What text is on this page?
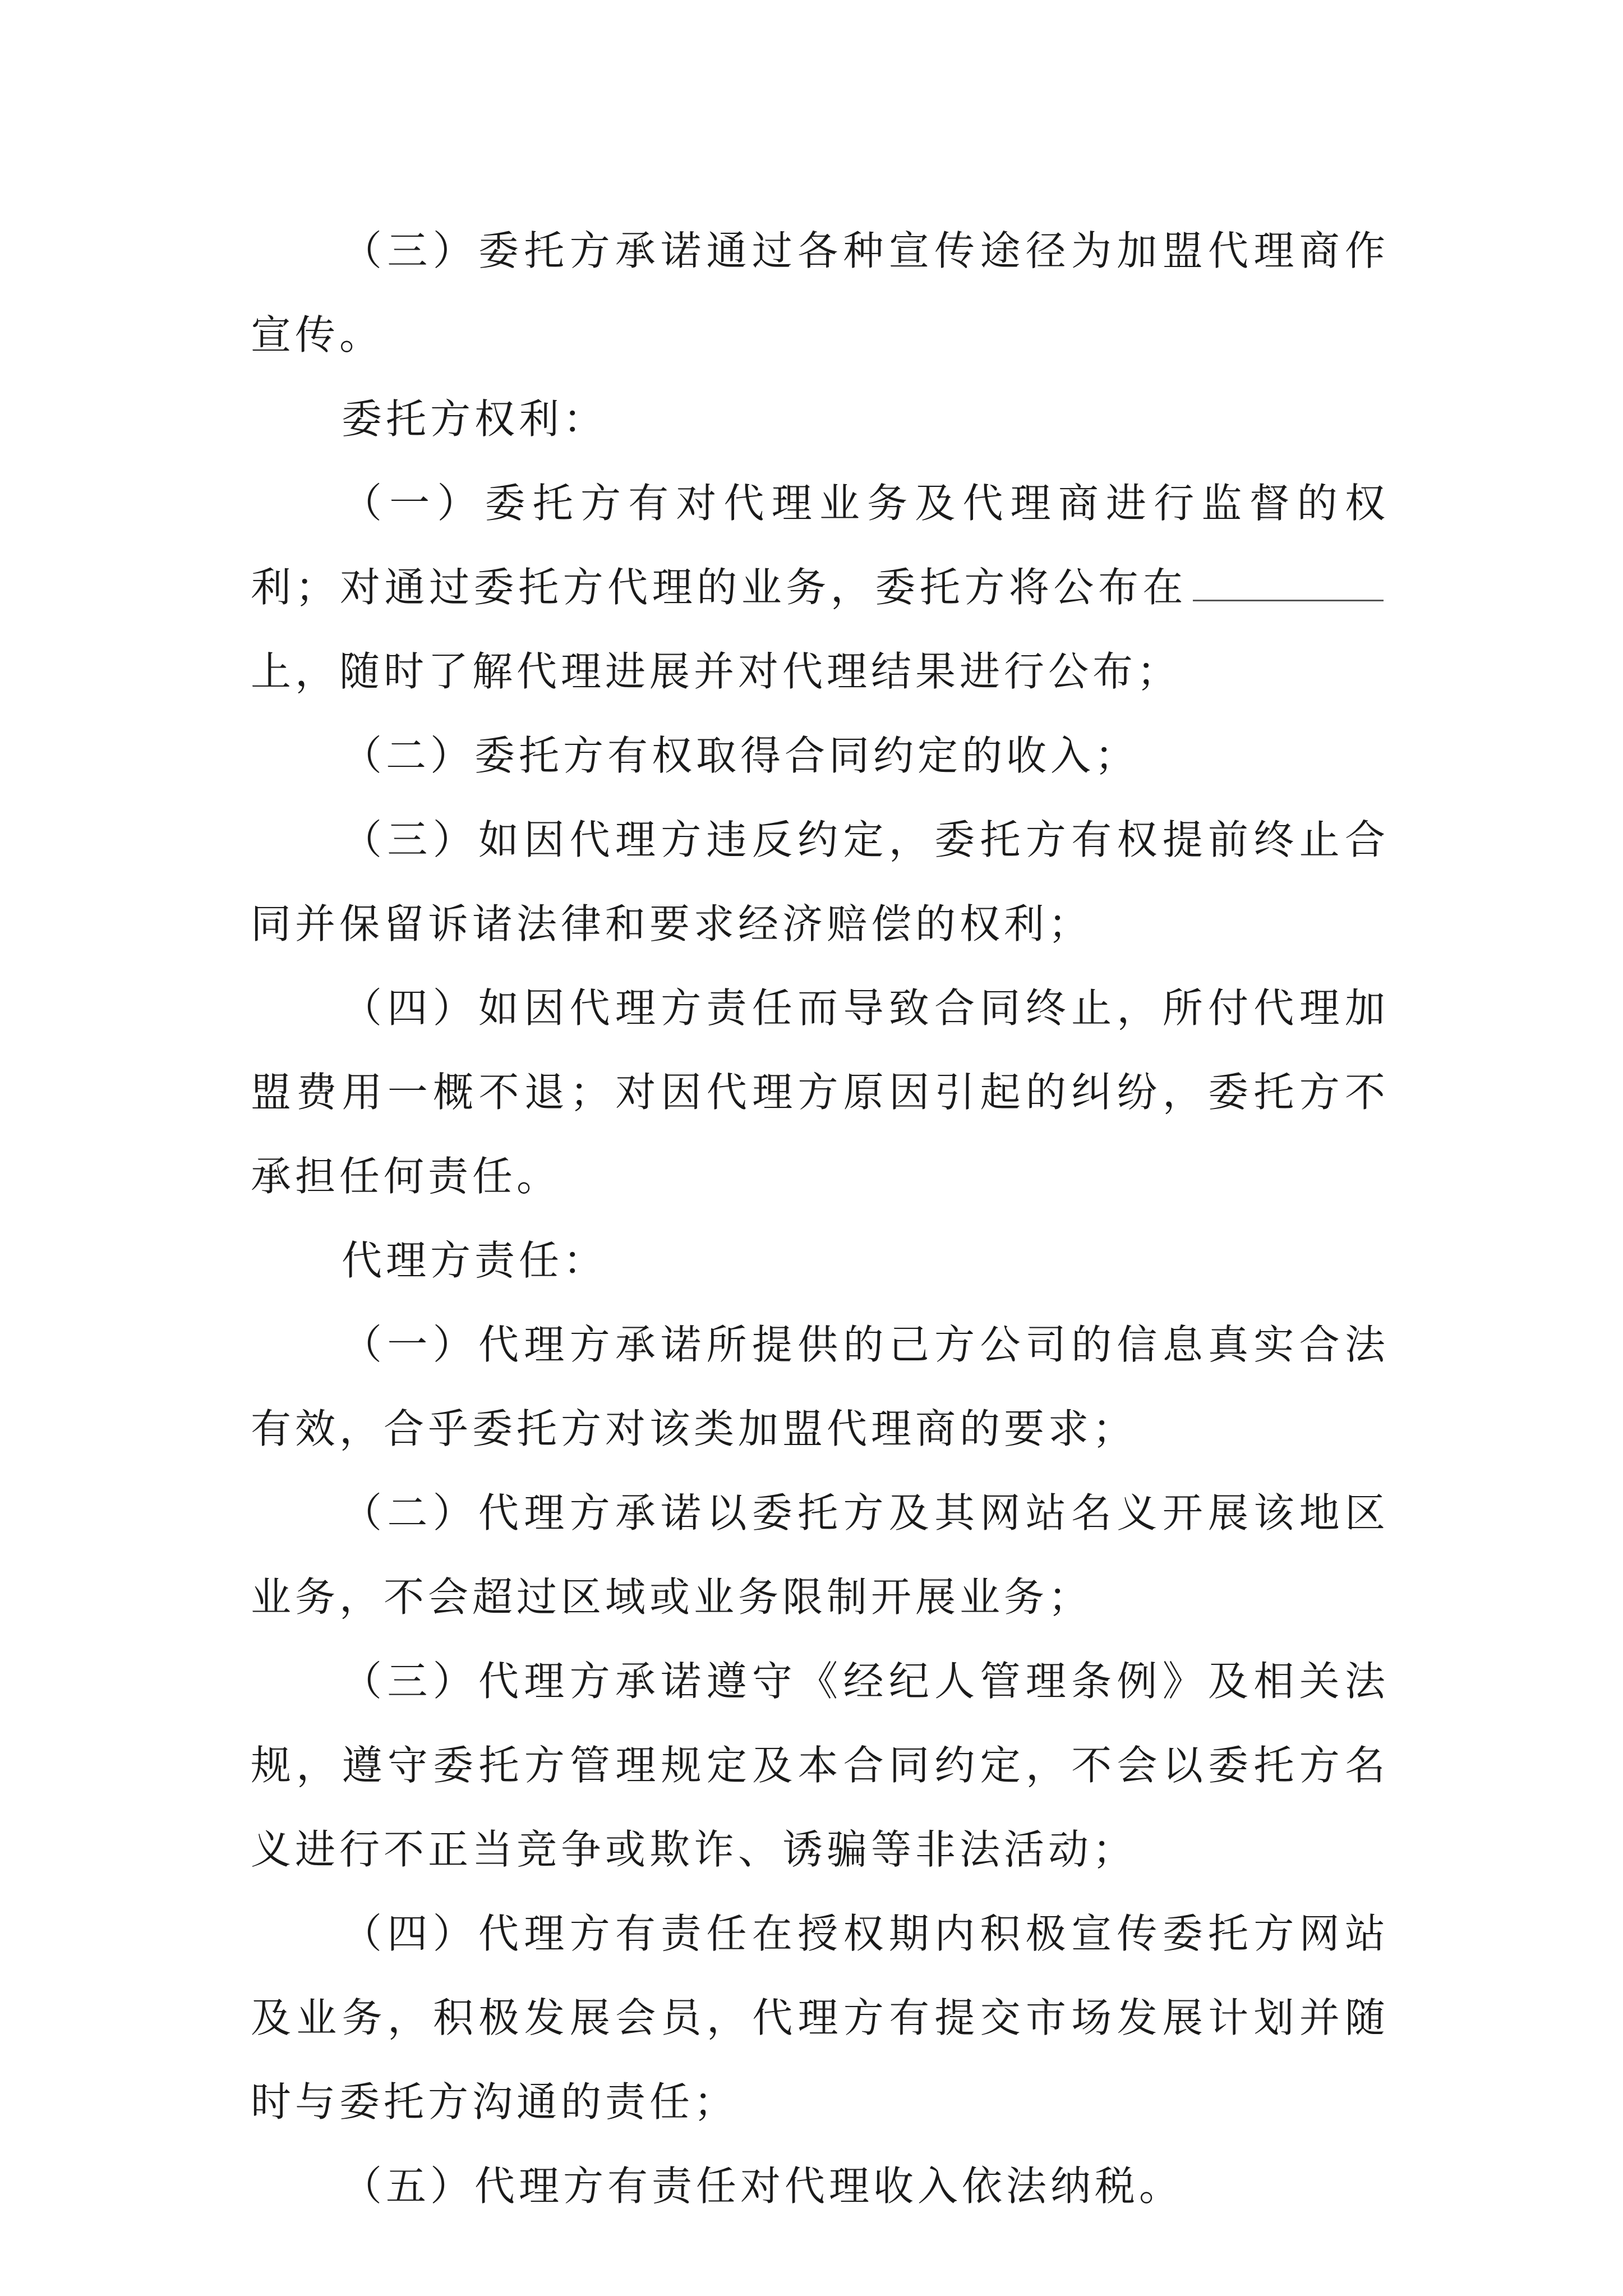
（三）委托方承诺通过各种宣传途径为加盟代理商作宣传。

委托方权利：

（一）委托方有对代理业务及代理商进行监督的权利；对通过委托方代理的业务，委托方将公布在上，随时了解代理进展并对代理结果进行公布；

（二）委托方有权取得合同约定的收入；

（三）如因代理方违反约定，委托方有权提前终止合同并保留诉诸法律和要求经济赔偿的权利；

（四）如因代理方责任而导致合同终止，所付代理加盟费用一概不退；对因代理方原因引起的纠纷，委托方不承担任何责任。

代理方责任：

（一）代理方承诺所提供的己方公司的信息真实合法有效，合乎委托方对该类加盟代理商的要求；

（二）代理方承诺以委托方及其网站名义开展该地区业务，不会超过区域或业务限制开展业务；

（三）代理方承诺遵守《经纪人管理条例》及相关法规，遵守委托方管理规定及本合同约定，不会以委托方名义进行不正当竞争或欺诈、诱骗等非法活动；

（四）代理方有责任在授权期内积极宣传委托方网站及业务，积极发展会员，代理方有提交市场发展计划并随时与委托方沟通的责任；

（五）代理方有责任对代理收入依法纳税。
